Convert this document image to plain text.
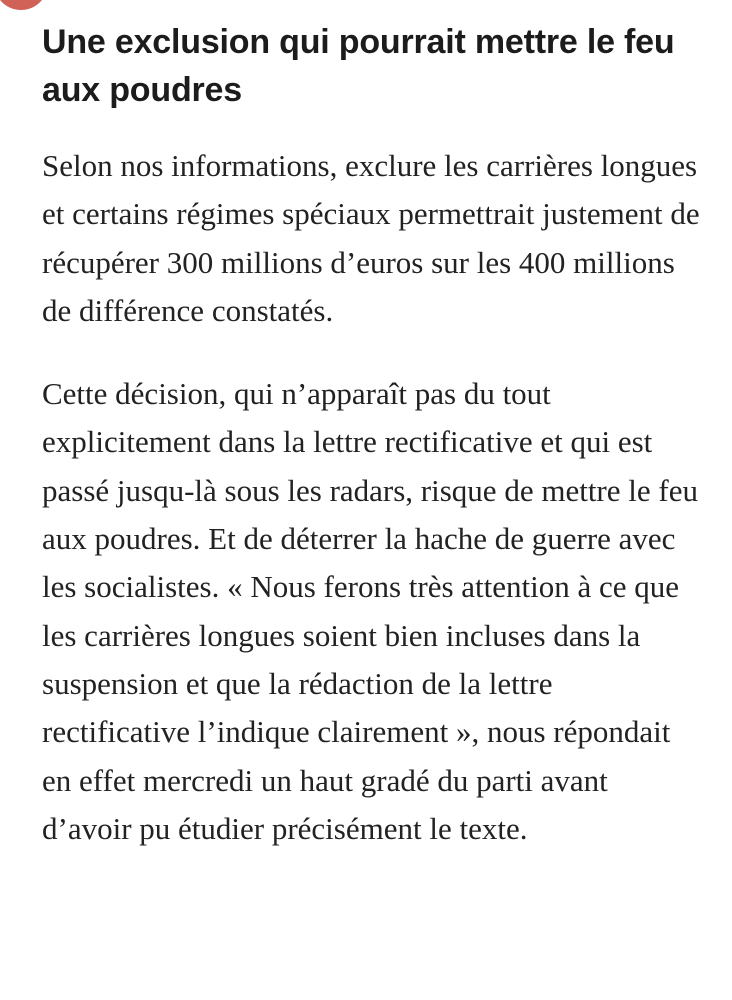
Une exclusion qui pourrait mettre le feu aux poudres

Selon nos informations, exclure les carrières longues et certains régimes spéciaux permettrait justement de récupérer 300 millions d’euros sur les 400 millions de différence constatés.

Cette décision, qui n’apparaît pas du tout explicitement dans la lettre rectificative et qui est passé jusqu-là sous les radars, risque de mettre le feu aux poudres. Et de déterrer la hache de guerre avec les socialistes. « Nous ferons très attention à ce que les carrières longues soient bien incluses dans la suspension et que la rédaction de la lettre rectificative l’indique clairement », nous répondait en effet mercredi un haut gradé du parti avant d’avoir pu étudier précisément le texte.
